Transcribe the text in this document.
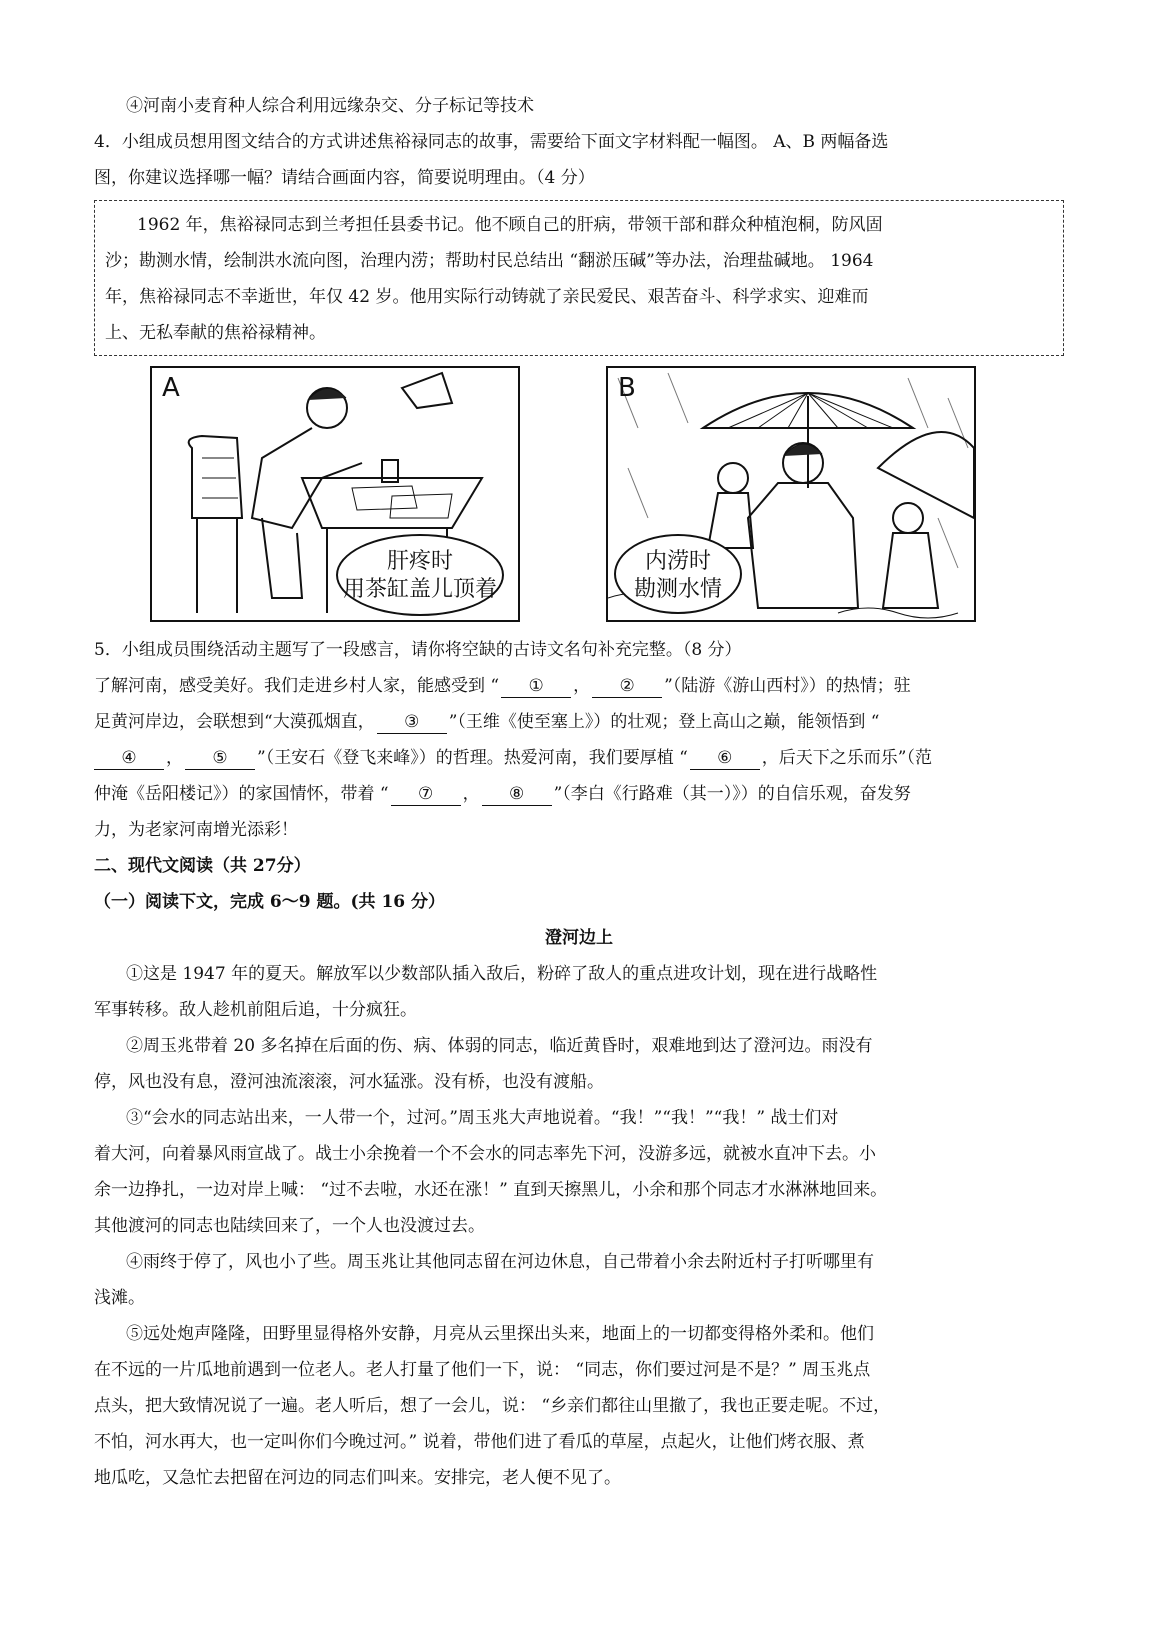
④河南小麦育种人综合利用远缘杂交、分子标记等技术
4．小组成员想用图文结合的方式讲述焦裕禄同志的故事，需要给下面文字材料配一幅图。 A、B 两幅备选
图，你建议选择哪一幅？请结合画面内容，简要说明理由。（4 分）
1962 年，焦裕禄同志到兰考担任县委书记。他不顾自己的肝病，带领干部和群众种植泡桐，防风固
沙；勘测水情，绘制洪水流向图，治理内涝；帮助村民总结出 “翻淤压碱”等办法，治理盐碱地。 1964
年，焦裕禄同志不幸逝世，年仅 42 岁。他用实际行动铸就了亲民爱民、艰苦奋斗、科学求实、迎难而
上、无私奉献的焦裕禄精神。
A
肝疼时
用茶缸盖儿顶着
B
内涝时
勘测水情
5．小组成员围绕活动主题写了一段感言，请你将空缺的古诗文名句补充完整。（8 分）
了解河南，感受美好。我们走进乡村人家，能感受到 “ ① ， ② ”（陆游《游山西村》）的热情；驻
足黄河岸边，会联想到“大漠孤烟直， ③ ”（王维《使至塞上》）的壮观；登上高山之巅，能领悟到 “
④ ， ⑤ ”（王安石《登飞来峰》）的哲理。热爱河南，我们要厚植 “ ⑥ ，后天下之乐而乐”（范
仲淹《岳阳楼记》）的家国情怀，带着 “ ⑦ ， ⑧ ”（李白《行路难（其一）》）的自信乐观，奋发努
力，为老家河南增光添彩！
二、现代文阅读（共 27分）
（一）阅读下文，完成 6～9 题。(共 16 分）
澄河边上
①这是 1947 年的夏天。解放军以少数部队插入敌后，粉碎了敌人的重点进攻计划，现在进行战略性
军事转移。敌人趁机前阻后追，十分疯狂。
②周玉兆带着 20 多名掉在后面的伤、病、体弱的同志，临近黄昏时，艰难地到达了澄河边。雨没有
停，风也没有息，澄河浊流滚滚，河水猛涨。没有桥，也没有渡船。
③“会水的同志站出来，一人带一个，过河。”周玉兆大声地说着。“我！”“我！”“我！” 战士们对
着大河，向着暴风雨宣战了。战士小余挽着一个不会水的同志率先下河，没游多远，就被水直冲下去。小
余一边挣扎，一边对岸上喊： “过不去啦，水还在涨！” 直到天擦黑儿，小余和那个同志才水淋淋地回来。
其他渡河的同志也陆续回来了，一个人也没渡过去。
④雨终于停了，风也小了些。周玉兆让其他同志留在河边休息，自己带着小余去附近村子打听哪里有
浅滩。
⑤远处炮声隆隆，田野里显得格外安静，月亮从云里探出头来，地面上的一切都变得格外柔和。他们
在不远的一片瓜地前遇到一位老人。老人打量了他们一下，说： “同志，你们要过河是不是？” 周玉兆点
点头，把大致情况说了一遍。老人听后，想了一会儿，说： “乡亲们都往山里撤了，我也正要走呢。不过，
不怕，河水再大，也一定叫你们今晚过河。” 说着，带他们进了看瓜的草屋，点起火，让他们烤衣服、煮
地瓜吃，又急忙去把留在河边的同志们叫来。安排完，老人便不见了。
